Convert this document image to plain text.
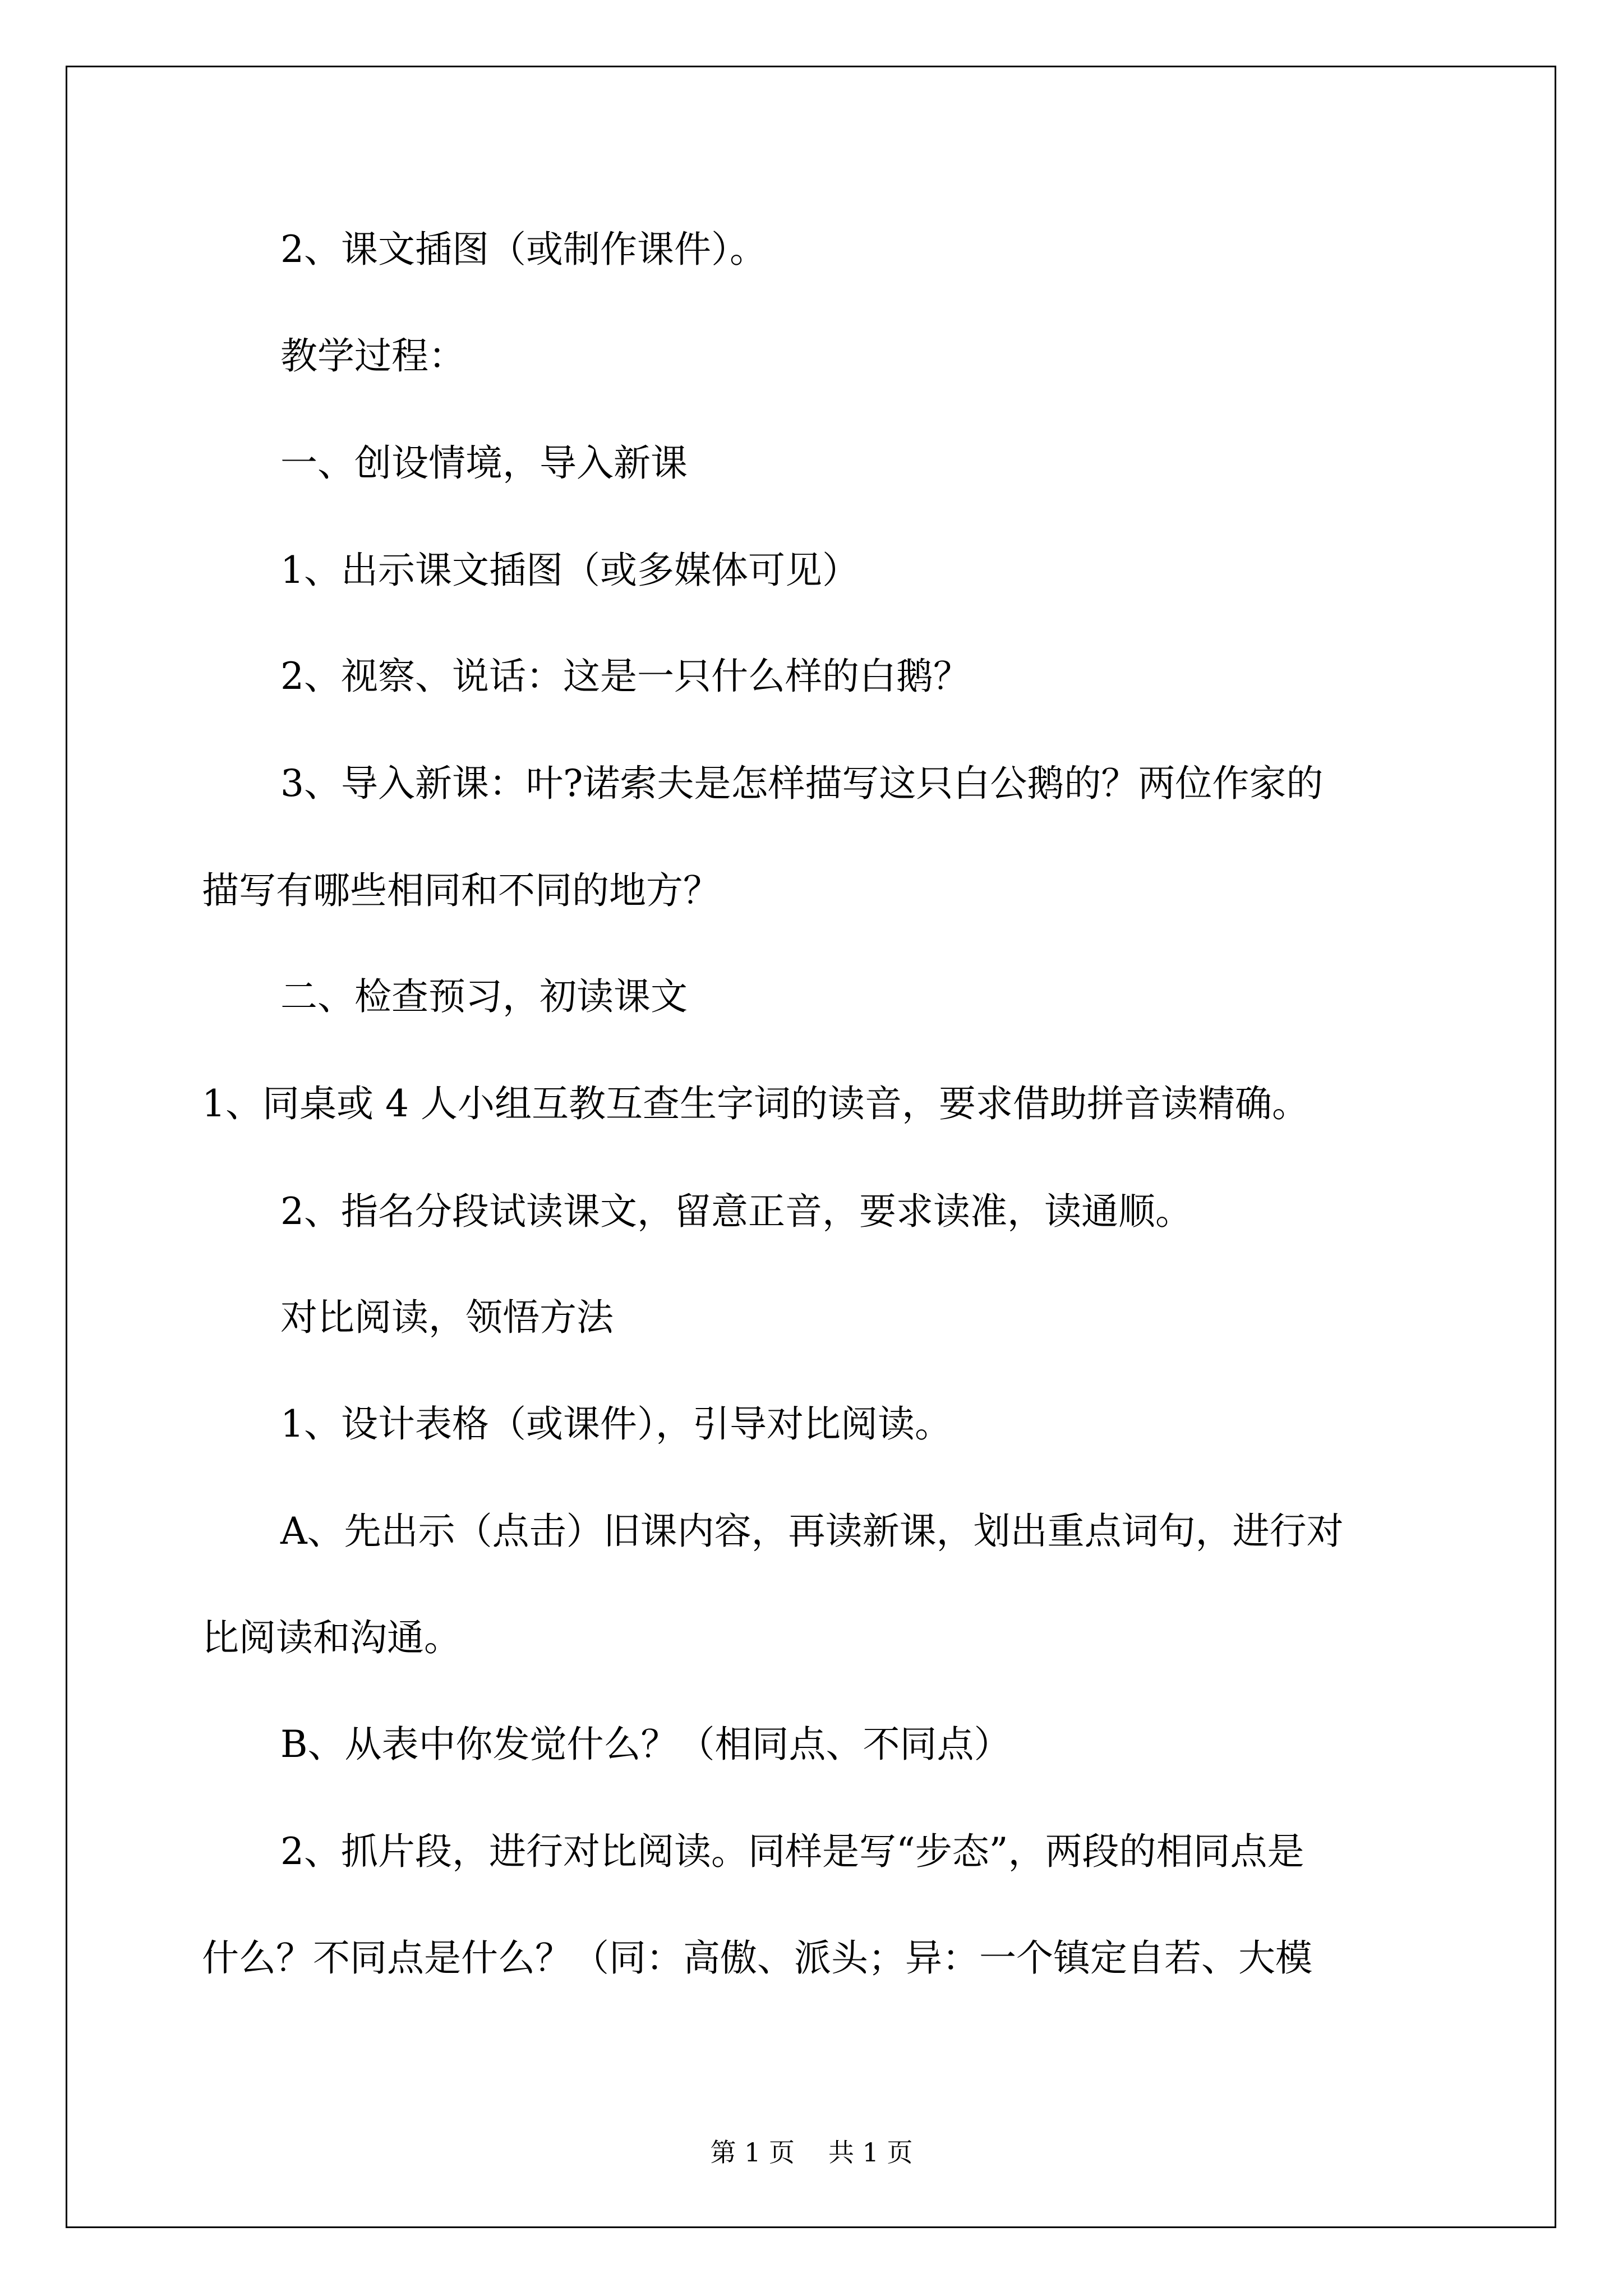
2、课文插图（或制作课件）。
教学过程：
一、创设情境，导入新课
1、出示课文插图（或多媒体可见）
2、视察、说话：这是一只什么样的白鹅？
3、导入新课：叶?诺索夫是怎样描写这只白公鹅的？两位作家的
描写有哪些相同和不同的地方？
二、检查预习，初读课文
1、同桌或 4 人小组互教互查生字词的读音，要求借助拼音读精确。
2、指名分段试读课文，留意正音，要求读准，读通顺。
对比阅读，领悟方法
1、设计表格（或课件），引导对比阅读。
A、先出示（点击）旧课内容，再读新课，划出重点词句，进行对
比阅读和沟通。
B、从表中你发觉什么？（相同点、不同点）
2、抓片段，进行对比阅读。同样是写“步态”，两段的相同点是
什么？不同点是什么？（同：高傲、派头；异：一个镇定自若、大模
第 1 页 共 1 页
